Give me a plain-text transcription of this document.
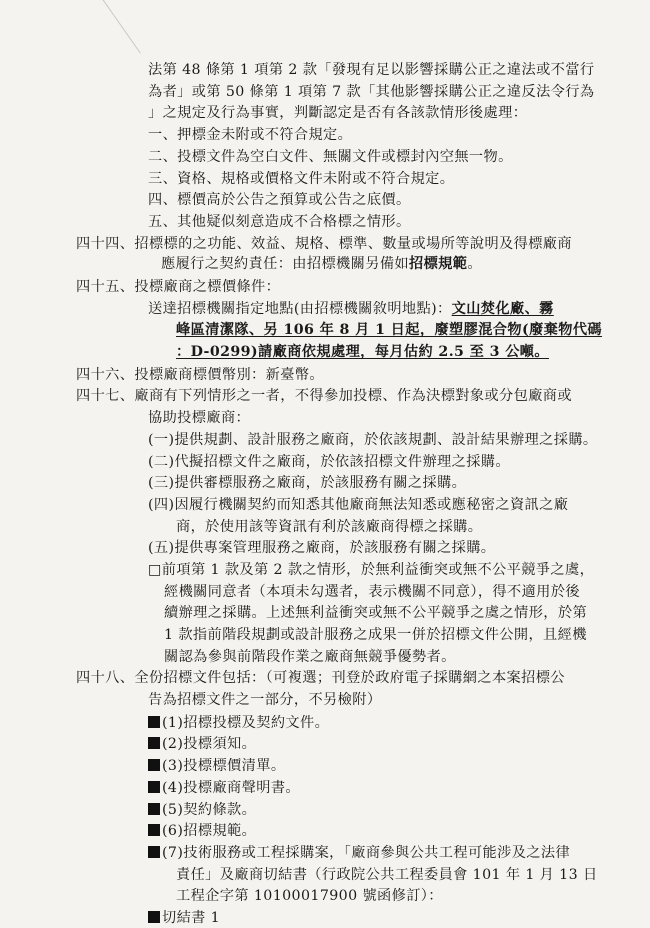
法第 48 條第 1 項第 2 款「發現有足以影響採購公正之違法或不當行
為者」或第 50 條第 1 項第 7 款「其他影響採購公正之違反法令行為
」之規定及行為事實，判斷認定是否有各該款情形後處理：
一、押標金未附或不符合規定。
二、投標文件為空白文件、無關文件或標封內空無一物。
三、資格、規格或價格文件未附或不符合規定。
四、標價高於公告之預算或公告之底價。
五、其他疑似刻意造成不合格標之情形。
四十四、招標標的之功能、效益、規格、標準、數量或場所等說明及得標廠商
應履行之契約責任：由招標機關另備如招標規範。
四十五、投標廠商之標價條件：
送達招標機關指定地點(由招標機關敘明地點)：文山焚化廠、霧
峰區清潔隊、另 106 年 8 月 1 日起，廢塑膠混合物(廢棄物代碼
：D-0299)請廠商依規處理，每月估約 2.5 至 3 公噸。
四十六、投標廠商標價幣別：新臺幣。
四十七、廠商有下列情形之一者，不得參加投標、作為決標對象或分包廠商或
協助投標廠商：
(一)提供規劃、設計服務之廠商，於依該規劃、設計結果辦理之採購。
(二)代擬招標文件之廠商，於依該招標文件辦理之採購。
(三)提供審標服務之廠商，於該服務有關之採購。
(四)因履行機關契約而知悉其他廠商無法知悉或應秘密之資訊之廠
商，於使用該等資訊有利於該廠商得標之採購。
(五)提供專案管理服務之廠商，於該服務有關之採購。
□前項第 1 款及第 2 款之情形，於無利益衝突或無不公平競爭之虞，
經機關同意者（本項未勾選者，表示機關不同意），得不適用於後
續辦理之採購。上述無利益衝突或無不公平競爭之虞之情形，於第
1 款指前階段規劃或設計服務之成果一併於招標文件公開，且經機
關認為參與前階段作業之廠商無競爭優勢者。
四十八、全份招標文件包括：（可複選；刊登於政府電子採購網之本案招標公
告為招標文件之一部分，不另檢附）
(1)招標投標及契約文件。
(2)投標須知。
(3)投標標價清單。
(4)投標廠商聲明書。
(5)契約條款。
(6)招標規範。
(7)技術服務或工程採購案，「廠商參與公共工程可能涉及之法律
責任」及廠商切結書（行政院公共工程委員會 101 年 1 月 13 日
工程企字第 10100017900 號函修訂）：
切結書 1
